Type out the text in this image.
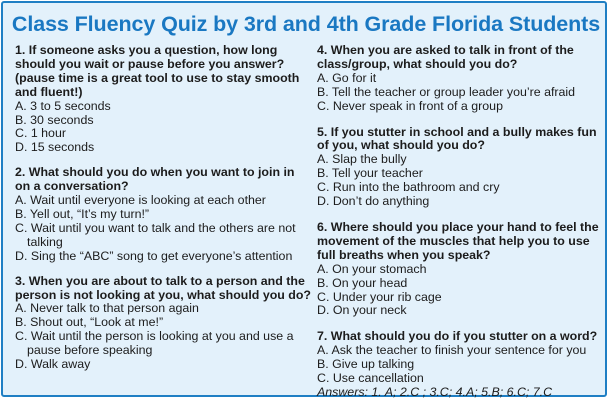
Class Fluency Quiz by 3rd and 4th Grade Florida Students

1. If someone asks you a question, how long should you wait or pause before you answer? (pause time is a great tool to use to stay smooth and fluent!)

A. 3 to 5 seconds

B. 30 seconds

C. 1 hour

D. 15 seconds

2. What should you do when you want to join in on a conversation?

A. Wait until everyone is looking at each other

B. Yell out, “It’s my turn!”

C. Wait until you want to talk and the others are not talking

D. Sing the “ABC” song to get everyone’s attention

3. When you are about to talk to a person and the person is not looking at you, what should you do?

A. Never talk to that person again

B. Shout out, “Look at me!”

C. Wait until the person is looking at you and use a pause before speaking

D. Walk away

4. When you are asked to talk in front of the class/group, what should you do?

A. Go for it

B. Tell the teacher or group leader you’re afraid

C. Never speak in front of a group

5. If you stutter in school and a bully makes fun of you, what should you do?

A. Slap the bully

B. Tell your teacher

C. Run into the bathroom and cry

D. Don’t do anything

6. Where should you place your hand to feel the movement of the muscles that help you to use full breaths when you speak?

A. On your stomach

B. On your head

C. Under your rib cage

D. On your neck

7. What should you do if you stutter on a word?

A. Ask the teacher to finish your sentence for you

B. Give up talking

C. Use cancellation

Answers: 1. A; 2.C ; 3.C; 4.A; 5.B; 6.C; 7.C
